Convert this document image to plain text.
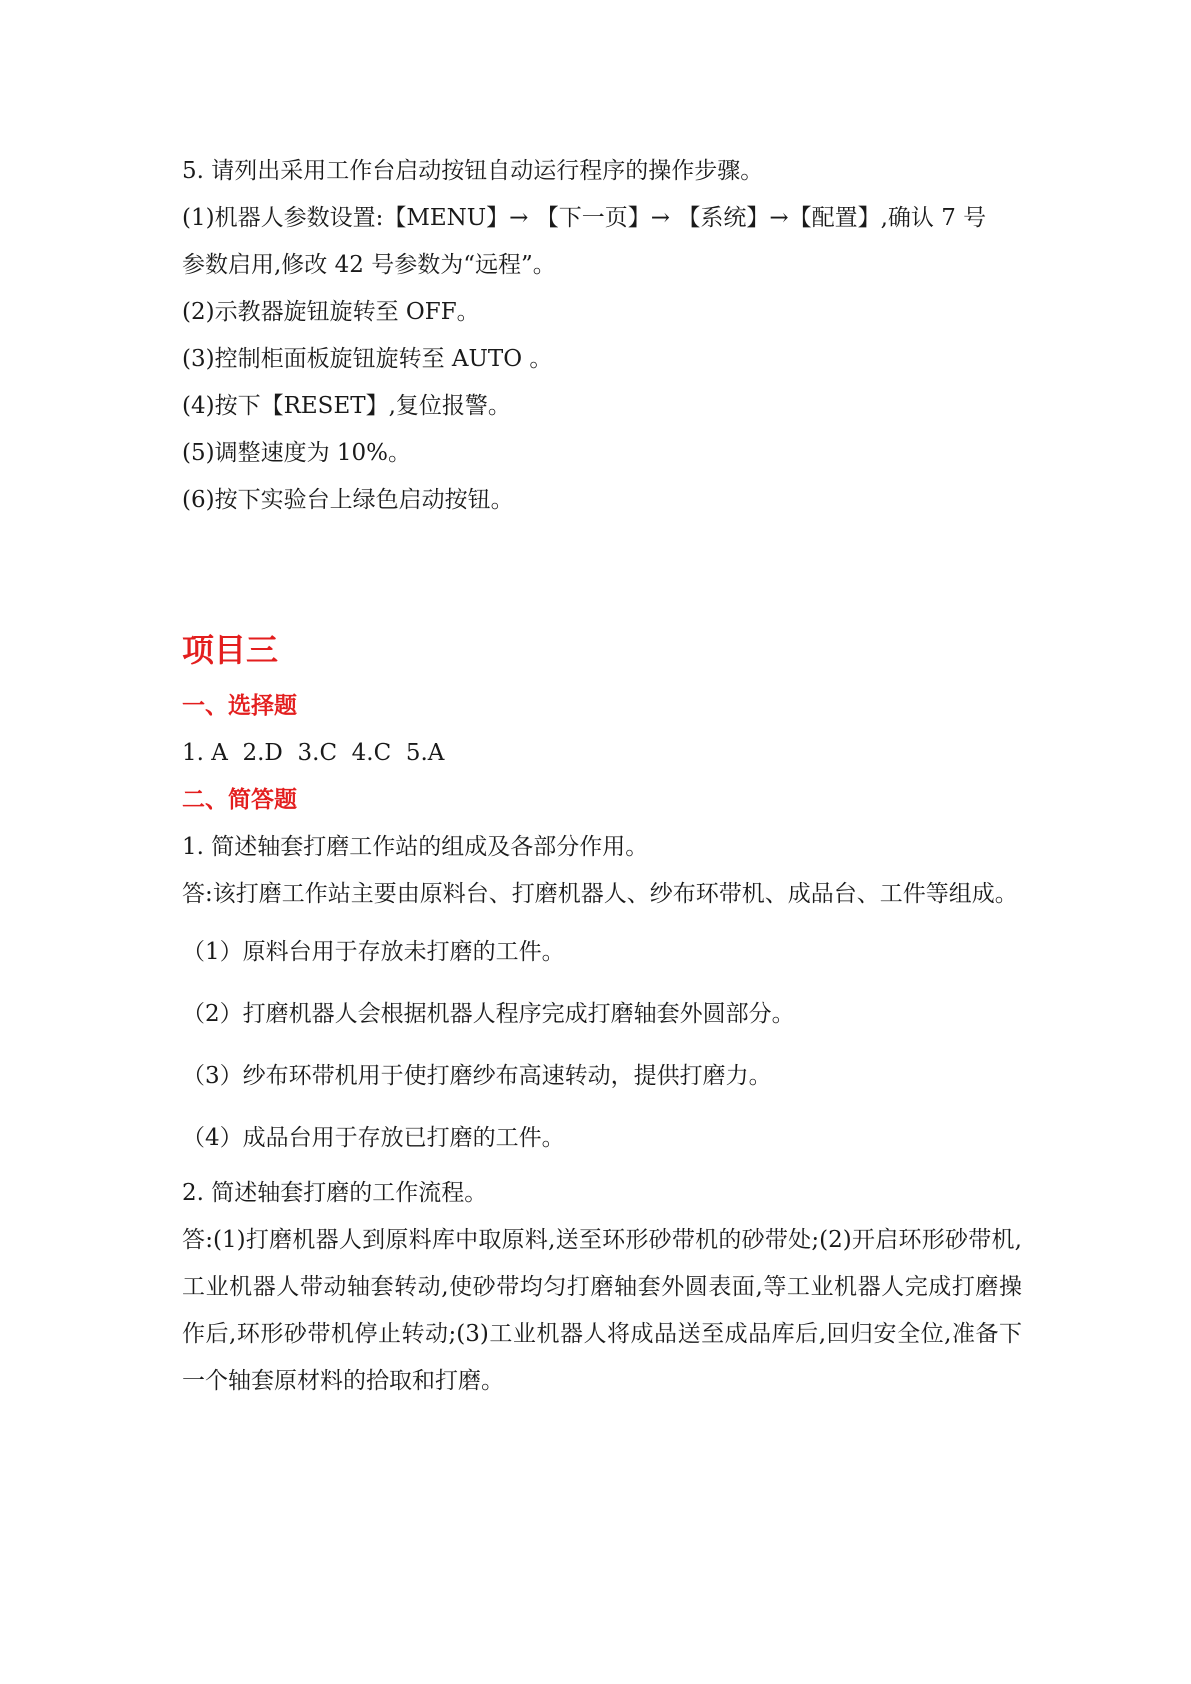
5. 请列出采用工作台启动按钮自动运行程序的操作步骤。

(1)机器人参数设置:【MENU】→ 【下一页】→ 【系统】→【配置】,确认 7 号

参数启用,修改 42 号参数为“远程”。

(2)示教器旋钮旋转至 OFF。

(3)控制柜面板旋钮旋转至 AUTO 。

(4)按下【RESET】,复位报警。

(5)调整速度为 10%。

(6)按下实验台上绿色启动按钮。

项目三
一、选择题

1. A  2.D  3.C  4.C  5.A

二、简答题

1. 简述轴套打磨工作站的组成及各部分作用。

答:该打磨工作站主要由原料台、打磨机器人、纱布环带机、成品台、工件等组成。

（1）原料台用于存放未打磨的工件。

（2）打磨机器人会根据机器人程序完成打磨轴套外圆部分。

（3）纱布环带机用于使打磨纱布高速转动，提供打磨力。

（4）成品台用于存放已打磨的工件。

2. 简述轴套打磨的工作流程。

答:(1)打磨机器人到原料库中取原料,送至环形砂带机的砂带处;(2)开启环形砂带机,工业机器人带动轴套转动,使砂带均匀打磨轴套外圆表面,等工业机器人完成打磨操作后,环形砂带机停止转动;(3)工业机器人将成品送至成品库后,回归安全位,准备下一个轴套原材料的拾取和打磨。
